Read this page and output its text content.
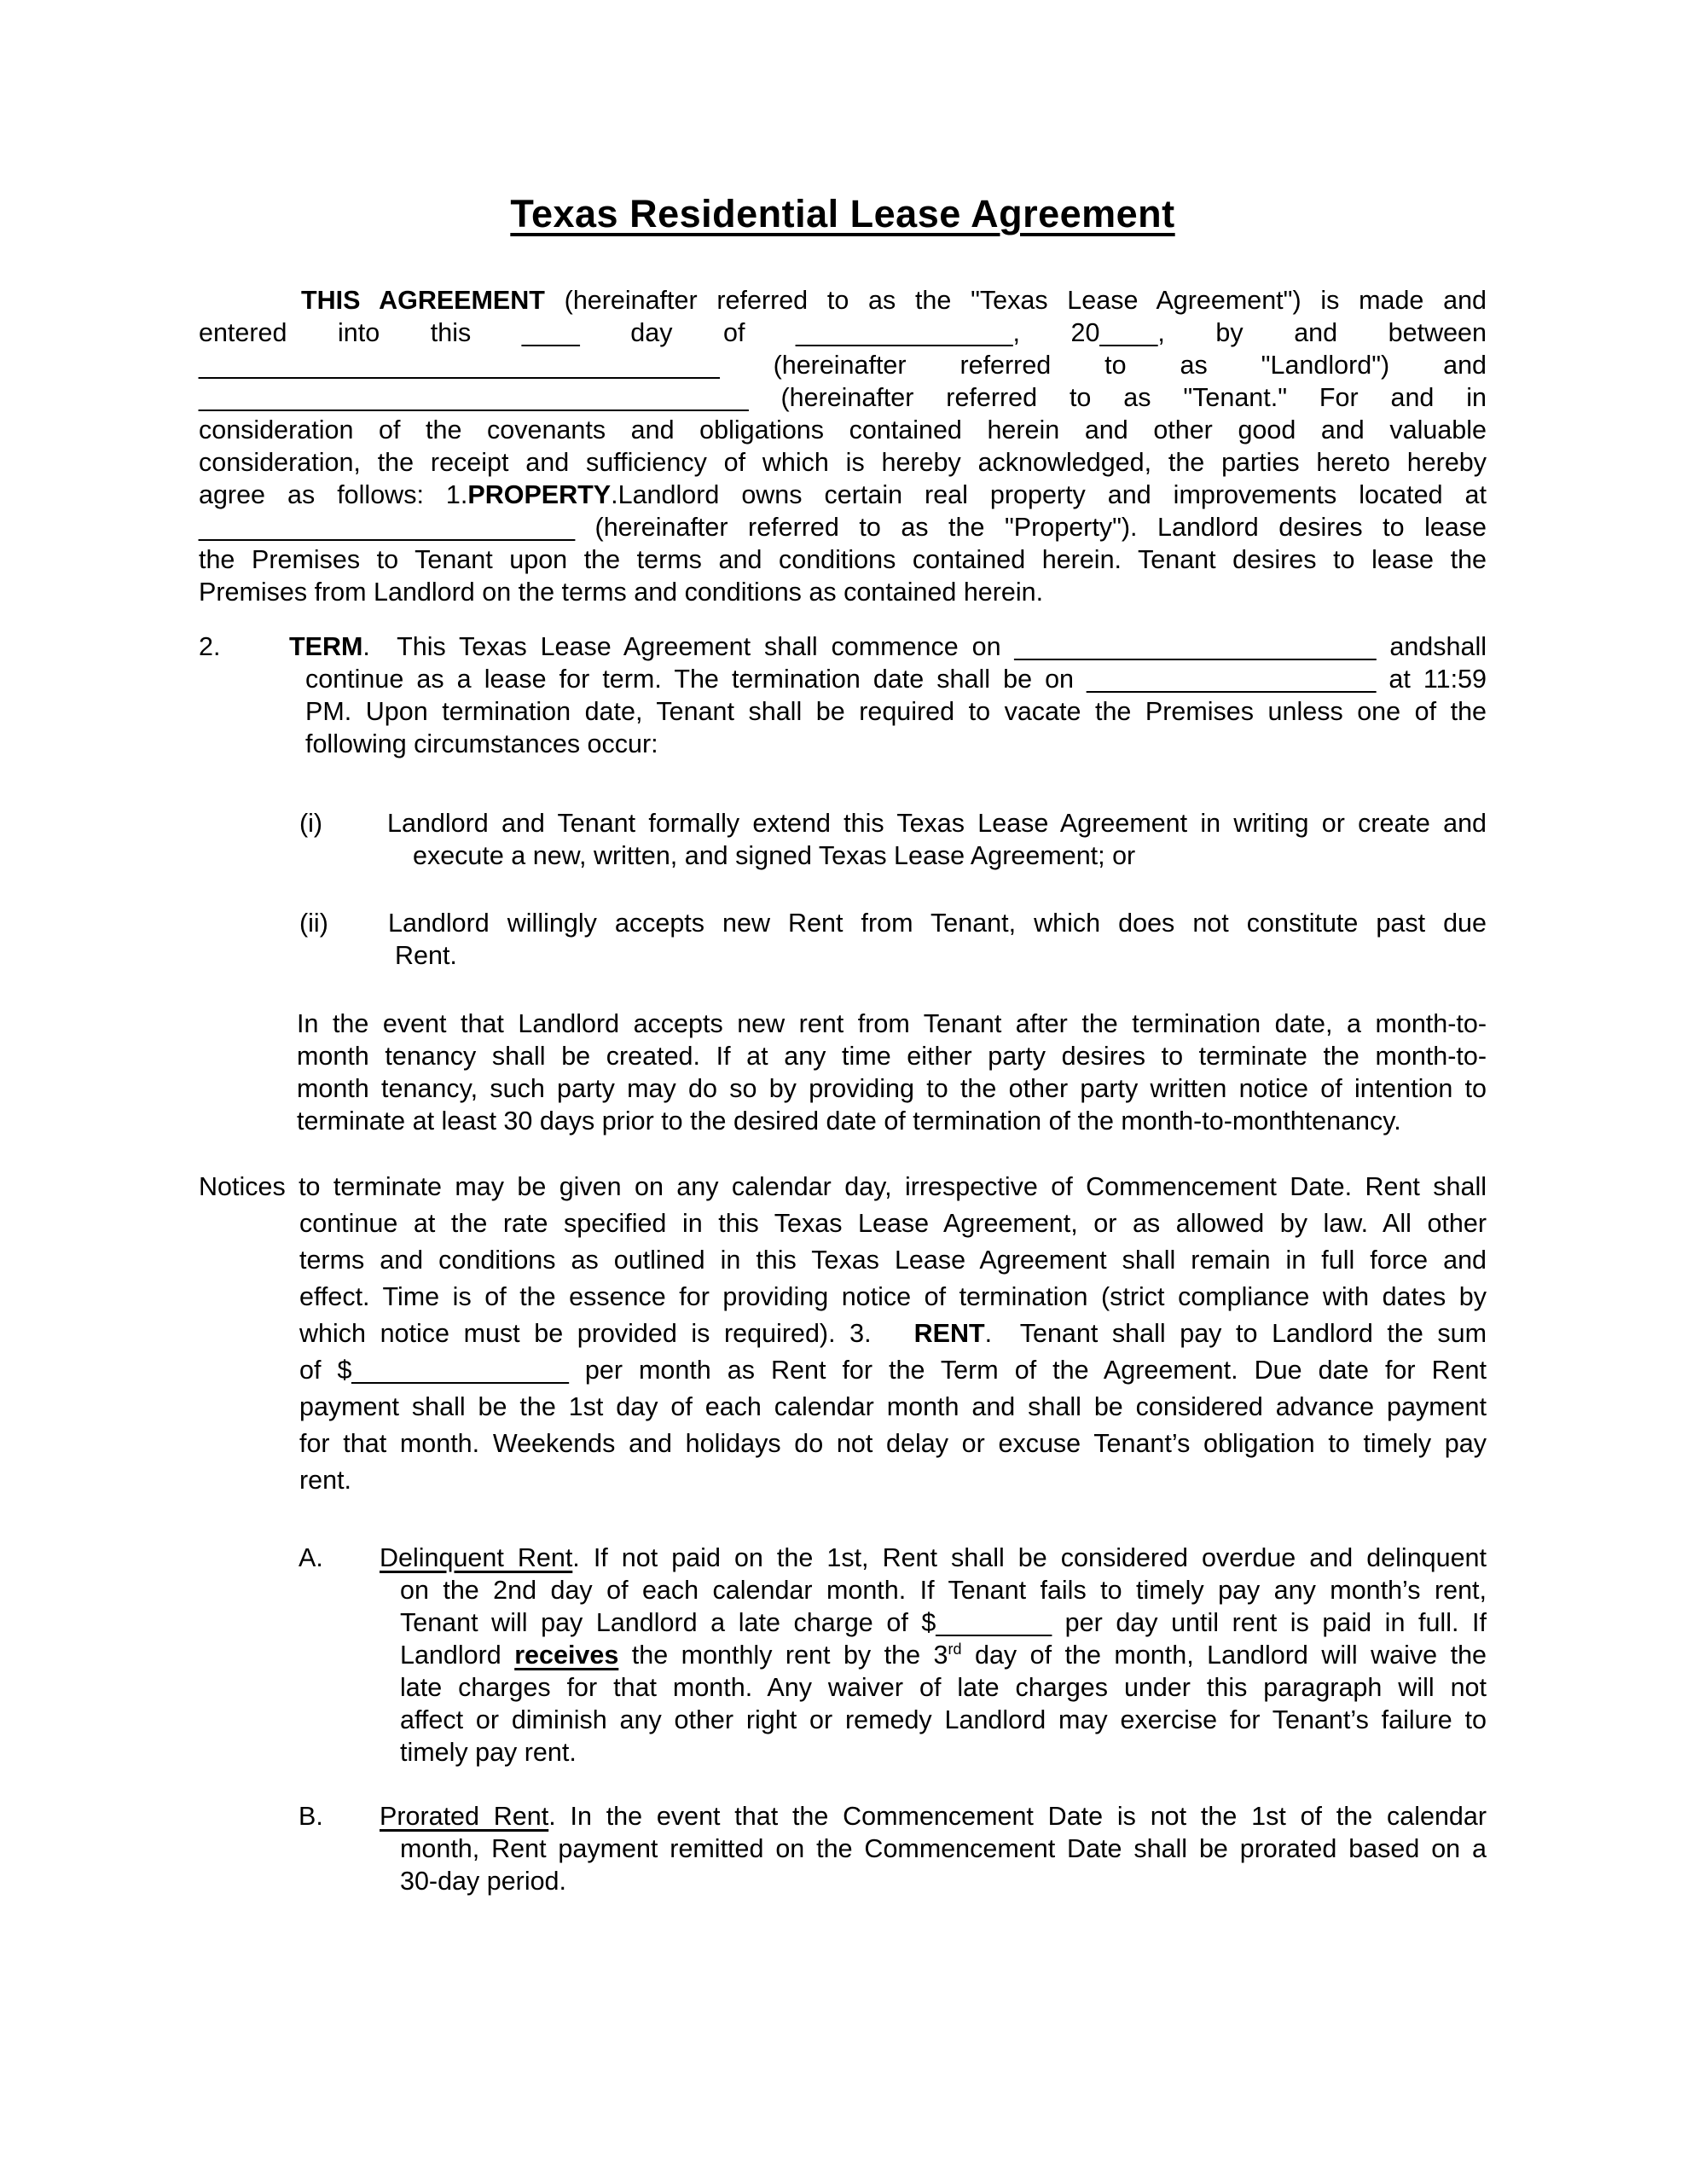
Texas Residential Lease Agreement
THIS AGREEMENT (hereinafter referred to as the "Texas Lease Agreement") is made and
entered into this ____ day of _______________, 20____, by and between
____________________________________ (hereinafter referred to as "Landlord") and
______________________________________ (hereinafter referred to as "Tenant." For and in
consideration of the covenants and obligations contained herein and other good and valuable
consideration, the receipt and sufficiency of which is hereby acknowledged, the parties hereto hereby
agree as follows: 1.PROPERTY.Landlord owns certain real property and improvements located at
__________________________ (hereinafter referred to as the "Property"). Landlord desires to lease
the Premises to Tenant upon the terms and conditions contained herein. Tenant desires to lease the
Premises from Landlord on the terms and conditions as contained herein.
2.	TERM.  This Texas Lease Agreement shall commence on _________________________ andshall
continue as a lease for term. The termination date shall be on ____________________ at 11:59
PM. Upon termination date, Tenant shall be required to vacate the Premises unless one of the
following circumstances occur:
(i) Landlord and Tenant formally extend this Texas Lease Agreement in writing or create and
execute a new, written, and signed Texas Lease Agreement; or
(ii) Landlord willingly accepts new Rent from Tenant, which does not constitute past due
Rent.
In the event that Landlord accepts new rent from Tenant after the termination date, a month-to-
month tenancy shall be created. If at any time either party desires to terminate the month-to-
month tenancy, such party may do so by providing to the other party written notice of intention to
terminate at least 30 days prior to the desired date of termination of the month-to-monthtenancy.
Notices to terminate may be given on any calendar day, irrespective of Commencement Date. Rent shall
continue at the rate specified in this Texas Lease Agreement, or as allowed by law. All other
terms and conditions as outlined in this Texas Lease Agreement shall remain in full force and
effect. Time is of the essence for providing notice of termination (strict compliance with dates by
which notice must be provided is required). 3. RENT.  Tenant shall pay to Landlord the sum
of $_______________ per month as Rent for the Term of the Agreement. Due date for Rent
payment shall be the 1st day of each calendar month and shall be considered advance payment
for that month. Weekends and holidays do not delay or excuse Tenant’s obligation to timely pay
rent.
A. Delinquent Rent. If not paid on the 1st, Rent shall be considered overdue and delinquent
on the 2nd day of each calendar month. If Tenant fails to timely pay any month’s rent,
Tenant will pay Landlord a late charge of $________ per day until rent is paid in full. If
Landlord receives the monthly rent by the 3rd day of the month, Landlord will waive the
late charges for that month. Any waiver of late charges under this paragraph will not
affect or diminish any other right or remedy Landlord may exercise for Tenant’s failure to
timely pay rent.
B. Prorated Rent. In the event that the Commencement Date is not the 1st of the calendar
month, Rent payment remitted on the Commencement Date shall be prorated based on a
30-day period.
